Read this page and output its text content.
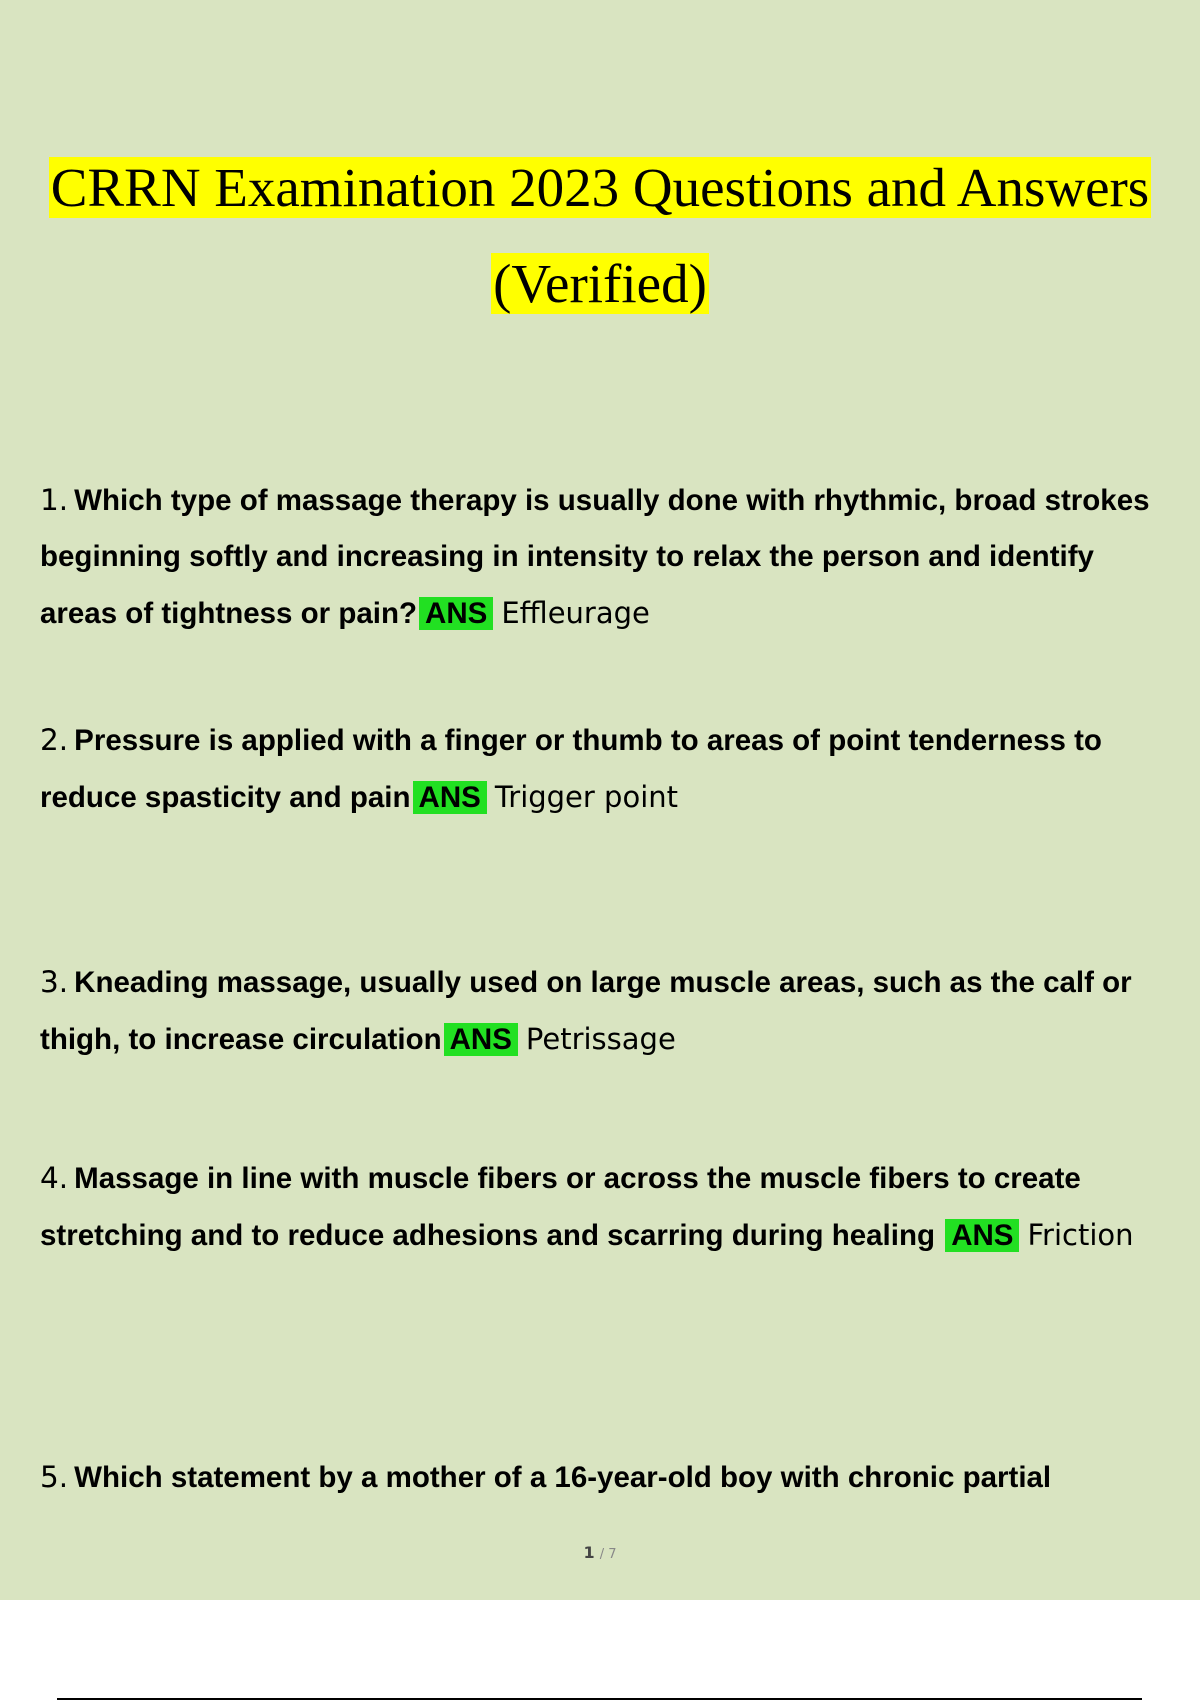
CRRN Examination 2023 Questions and Answers
(Verified)

1. Which type of massage therapy is usually done with rhythmic, broad strokes beginning softly and increasing in intensity to relax the person and identify areas of tightness or pain? ANS Effleurage

2. Pressure is applied with a finger or thumb to areas of point tenderness to reduce spasticity and pain ANS Trigger point

3. Kneading massage, usually used on large muscle areas, such as the calf or thigh, to increase circulation ANS Petrissage

4. Massage in line with muscle fibers or across the muscle fibers to create stretching and to reduce adhesions and scarring during healing ANS Friction

5. Which statement by a mother of a 16-year-old boy with chronic partial

1 / 7
